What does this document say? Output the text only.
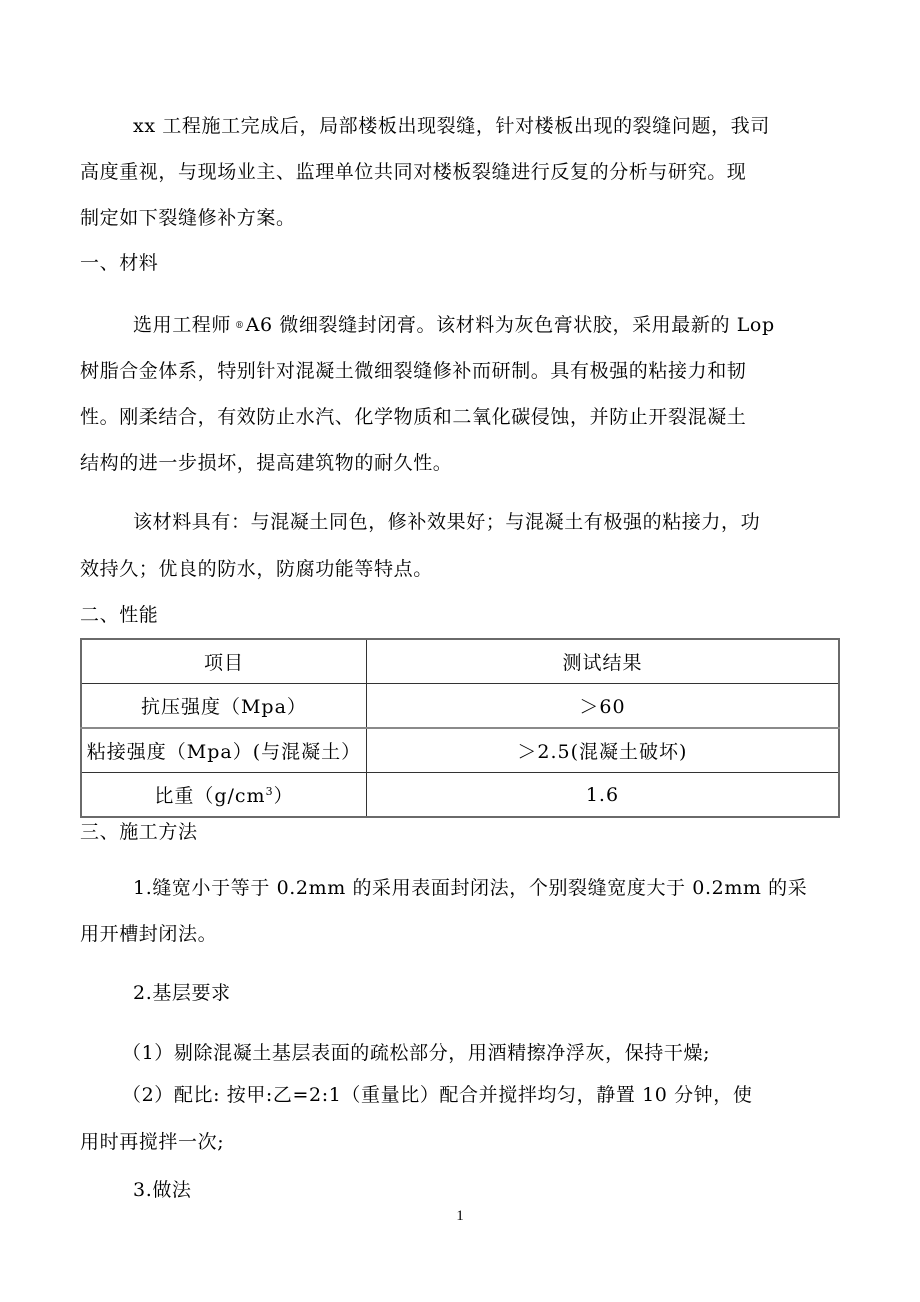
xx 工程施工完成后，局部楼板出现裂缝，针对楼板出现的裂缝问题，我司
高度重视，与现场业主、监理单位共同对楼板裂缝进行反复的分析与研究。现
制定如下裂缝修补方案。
一、材料
选用工程师 ®A6 微细裂缝封闭膏。该材料为灰色膏状胶，采用最新的 Lop
树脂合金体系，特别针对混凝土微细裂缝修补而研制。具有极强的粘接力和韧
性。刚柔结合，有效防止水汽、化学物质和二氧化碳侵蚀，并防止开裂混凝土
结构的进一步损坏，提高建筑物的耐久性。
该材料具有：与混凝土同色，修补效果好；与混凝土有极强的粘接力，功
效持久；优良的防水，防腐功能等特点。
二、性能
项目	测试结果
抗压强度（Mpa）	＞60
粘接强度（Mpa）(与混凝土）	＞2.5(混凝土破坏)
比重$(g/cm^3)$	1.6
三、施工方法
1.缝宽小于等于 0.2mm 的采用表面封闭法，个别裂缝宽度大于 0.2mm 的采
用开槽封闭法。
2.基层要求
（1）剔除混凝土基层表面的疏松部分，用酒精擦净浮灰，保持干燥;
（2）配比: 按甲:乙=2:1（重量比）配合并搅拌均匀，静置 10 分钟，使
用时再搅拌一次;
3.做法
1
